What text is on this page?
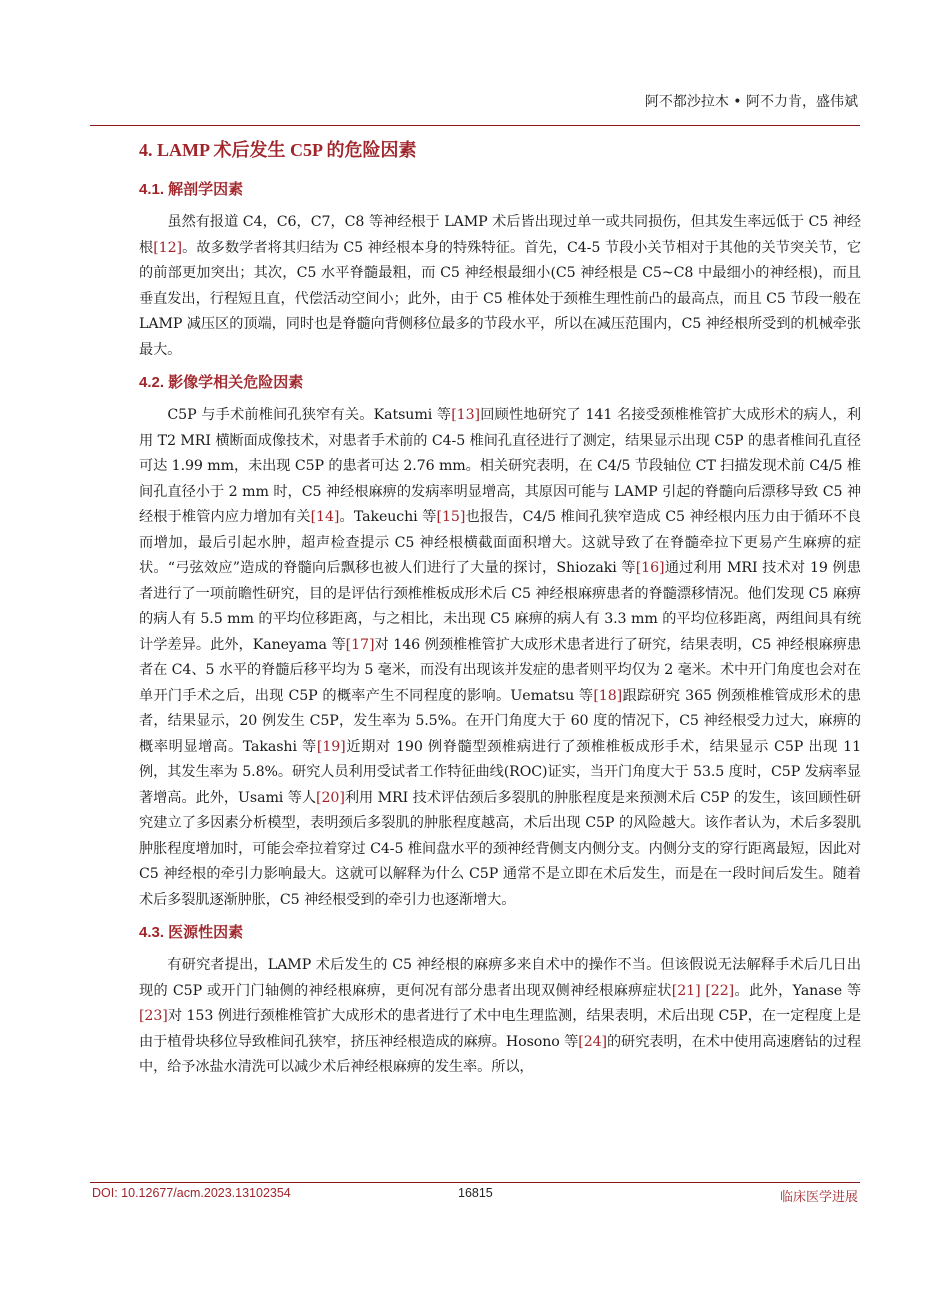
阿不都沙拉木 • 阿不力肯，盛伟斌
4. LAMP 术后发生 C5P 的危险因素
4.1. 解剖学因素

虽然有报道 C4，C6，C7，C8 等神经根于 LAMP 术后皆出现过单一或共同损伤，但其发生率远低于 C5 神经根[12]。故多数学者将其归结为 C5 神经根本身的特殊特征。首先，C4-5 节段小关节相对于其他的关节突关节，它的前部更加突出；其次，C5 水平脊髓最粗，而 C5 神经根最细小(C5 神经根是 C5~C8 中最细小的神经根)，而且垂直发出，行程短且直，代偿活动空间小；此外，由于 C5 椎体处于颈椎生理性前凸的最高点，而且 C5 节段一般在 LAMP 减压区的顶端，同时也是脊髓向背侧移位最多的节段水平，所以在减压范围内，C5 神经根所受到的机械牵张最大。

4.2. 影像学相关危险因素

C5P 与手术前椎间孔狭窄有关。Katsumi 等[13]回顾性地研究了 141 名接受颈椎椎管扩大成形术的病人，利用 T2 MRI 横断面成像技术，对患者手术前的 C4-5 椎间孔直径进行了测定，结果显示出现 C5P 的患者椎间孔直径可达 1.99 mm，未出现 C5P 的患者可达 2.76 mm。相关研究表明，在 C4/5 节段轴位 CT 扫描发现术前 C4/5 椎间孔直径小于 2 mm 时，C5 神经根麻痹的发病率明显增高，其原因可能与 LAMP 引起的脊髓向后漂移导致 C5 神经根于椎管内应力增加有关[14]。Takeuchi 等[15]也报告，C4/5 椎间孔狭窄造成 C5 神经根内压力由于循环不良而增加，最后引起水肿，超声检查提示 C5 神经根横截面面积增大。这就导致了在脊髓牵拉下更易产生麻痹的症状。“弓弦效应”造成的脊髓向后飘移也被人们进行了大量的探讨，Shiozaki 等[16]通过利用 MRI 技术对 19 例患者进行了一项前瞻性研究，目的是评估行颈椎椎板成形术后 C5 神经根麻痹患者的脊髓漂移情况。他们发现 C5 麻痹的病人有 5.5 mm 的平均位移距离，与之相比，未出现 C5 麻痹的病人有 3.3 mm 的平均位移距离，两组间具有统计学差异。此外，Kaneyama 等[17]对 146 例颈椎椎管扩大成形术患者进行了研究，结果表明，C5 神经根麻痹患者在 C4、5 水平的脊髓后移平均为 5 毫米，而没有出现该并发症的患者则平均仅为 2 毫米。术中开门角度也会对在单开门手术之后，出现 C5P 的概率产生不同程度的影响。Uematsu 等[18]跟踪研究 365 例颈椎椎管成形术的患者，结果显示，20 例发生 C5P，发生率为 5.5%。在开门角度大于 60 度的情况下，C5 神经根受力过大，麻痹的概率明显增高。Takashi 等[19]近期对 190 例脊髓型颈椎病进行了颈椎椎板成形手术，结果显示 C5P 出现 11 例，其发生率为 5.8%。研究人员利用受试者工作特征曲线(ROC)证实，当开门角度大于 53.5 度时，C5P 发病率显著增高。此外，Usami 等人[20]利用 MRI 技术评估颈后多裂肌的肿胀程度是来预测术后 C5P 的发生，该回顾性研究建立了多因素分析模型，表明颈后多裂肌的肿胀程度越高，术后出现 C5P 的风险越大。该作者认为，术后多裂肌肿胀程度增加时，可能会牵拉着穿过 C4-5 椎间盘水平的颈神经背侧支内侧分支。内侧分支的穿行距离最短，因此对 C5 神经根的牵引力影响最大。这就可以解释为什么 C5P 通常不是立即在术后发生，而是在一段时间后发生。随着术后多裂肌逐渐肿胀，C5 神经根受到的牵引力也逐渐增大。

4.3. 医源性因素

有研究者提出，LAMP 术后发生的 C5 神经根的麻痹多来自术中的操作不当。但该假说无法解释手术后几日出现的 C5P 或开门门轴侧的神经根麻痹，更何况有部分患者出现双侧神经根麻痹症状[21] [22]。此外，Yanase 等[23]对 153 例进行颈椎椎管扩大成形术的患者进行了术中电生理监测，结果表明，术后出现 C5P，在一定程度上是由于植骨块移位导致椎间孔狭窄，挤压神经根造成的麻痹。Hosono 等[24]的研究表明，在术中使用高速磨钻的过程中，给予冰盐水清洗可以减少术后神经根麻痹的发生率。所以，

DOI: 10.12677/acm.2023.13102354	16815	临床医学进展
